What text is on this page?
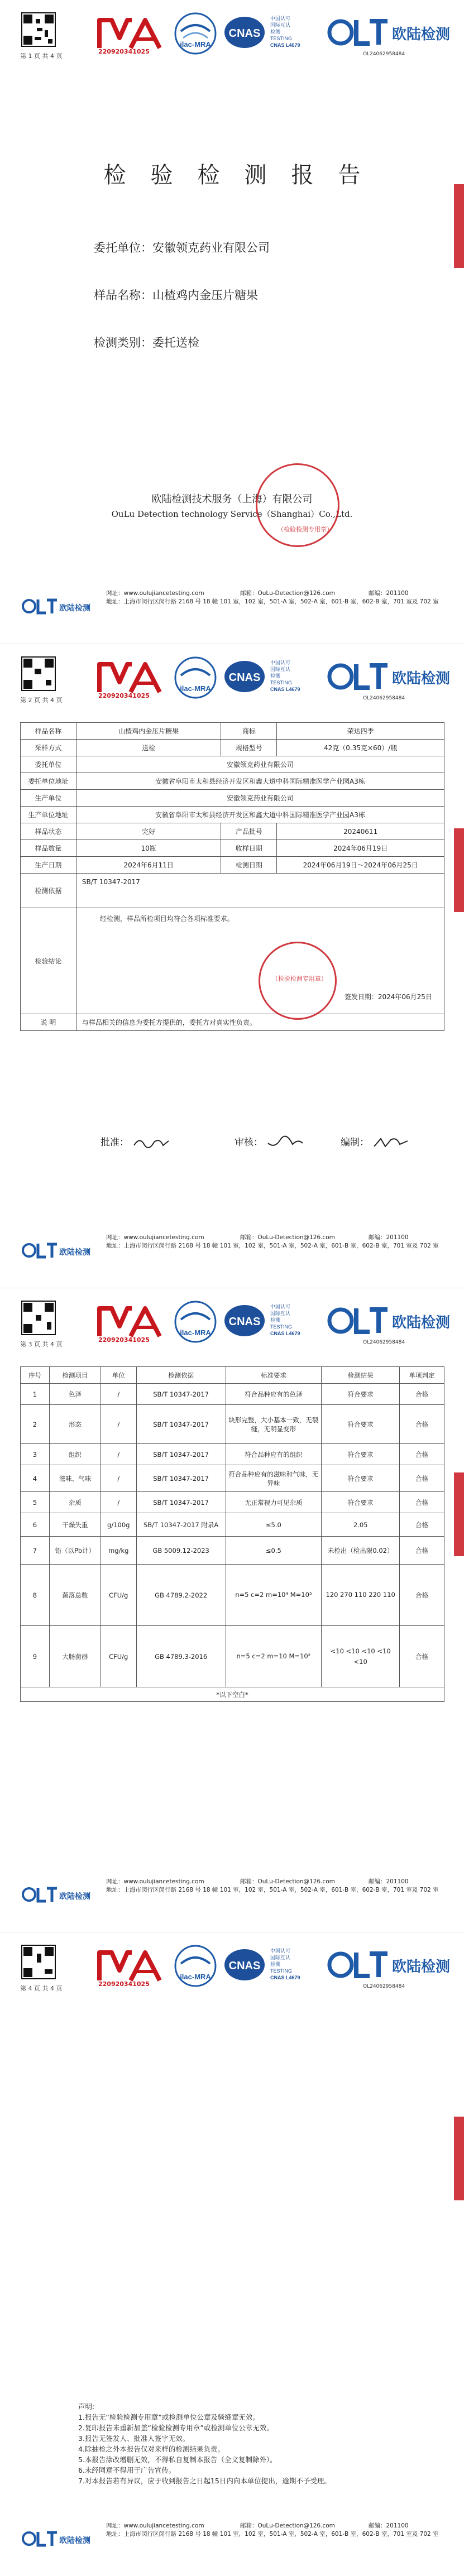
第 1 页 共 4 页
220920341025
ilac-MRA
CNAS
中国认可
国际互认
检测
TESTING
CNAS L4679
欧陆检测
OL24062958484
检验检测报告
委托单位：安徽领克药业有限公司
样品名称：山楂鸡内金压片糖果
检测类别：委托送检
欧陆检测技术服务（上海）有限公司
OuLu Detection technology Service（Shanghai）Co.,Ltd.
（检验检测专用章）
欧陆检测
网址：www.oulujiancetesting.com	邮箱：OuLu-Detection@126.com	邮编：201100
地址：上海市闵行区闵行路 2168 号 18 幢 101 室，102 室，501-A 室，502-A 室，601-B 室，602-B 室，701 室及 702 室
第 2 页 共 4 页
220920341025
ilac-MRA
CNAS
中国认可
国际互认
检测
TESTING
CNAS L4679
欧陆检测
OL24062958484
样品名称	山楂鸡内金压片糖果	商标	荣达四季
采样方式	送检	规格型号	42克（0.35克×60）/瓶
委托单位	安徽领克药业有限公司		
委托单位地址	安徽省阜阳市太和县经济开发区和鑫大道中科国际精准医学产业园A3栋		
生产单位	安徽领克药业有限公司		
生产单位地址	安徽省阜阳市太和县经济开发区和鑫大道中科国际精准医学产业园A3栋		
样品状态	完好	产品批号	20240611
样品数量	10瓶	收样日期	2024年06月19日
生产日期	2024年6月11日	检测日期	2024年06月19日～2024年06月25日
检测依据	SB/T 10347-2017		
检验结论	经检测，样品所检项目均符合各项标准要求。
（检验检测专用章）
签发日期：2024年06月25日		

说 明	与样品相关的信息为委托方提供的，委托方对真实性负责。		
批准：	审核：	编制：
欧陆检测
网址：www.oulujiancetesting.com	邮箱：OuLu-Detection@126.com	邮编：201100
地址：上海市闵行区闵行路 2168 号 18 幢 101 室，102 室，501-A 室，502-A 室，601-B 室，602-B 室，701 室及 702 室
第 3 页 共 4 页
220920341025
ilac-MRA
CNAS
中国认可
国际互认
检测
TESTING
CNAS L4679
欧陆检测
OL24062958484
序号	检测项目	单位	检测依据	标准要求	检测结果	单项判定
1	色泽	/	SB/T 10347-2017	符合品种应有的色泽	符合要求	合格
2	形态	/	SB/T 10347-2017	块形完整，大小基本一致，无裂缝，无明显变形	符合要求	合格
3	组织	/	SB/T 10347-2017	符合品种应有的组织	符合要求	合格
4	滋味、气味	/	SB/T 10347-2017	符合品种应有的滋味和气味，无异味	符合要求	合格
5	杂质	/	SB/T 10347-2017	无正常视力可见杂质	符合要求	合格
6	干燥失重	g/100g	SB/T 10347-2017 附录A	≤5.0	2.05	合格
7	铅（以Pb计）	mg/kg	GB 5009.12-2023	≤0.5	未检出（检出限0.02）	合格
8	菌落总数	CFU/g	GB 4789.2-2022	n=5 c=2 m=10⁴ M=10⁵	120 270 110 220 110	合格
9	大肠菌群	CFU/g	GB 4789.3-2016	n=5 c=2 m=10 M=10²	<10 <10 <10 <10 <10	合格
*以下空白*						
欧陆检测
网址：www.oulujiancetesting.com	邮箱：OuLu-Detection@126.com	邮编：201100
地址：上海市闵行区闵行路 2168 号 18 幢 101 室，102 室，501-A 室，502-A 室，601-B 室，602-B 室，701 室及 702 室
第 4 页 共 4 页
220920341025
ilac-MRA
CNAS
中国认可
国际互认
检测
TESTING
CNAS L4679
欧陆检测
OL24062958484
声明:
1.报告无“检验检测专用章”或检测单位公章及骑缝章无效。
2.复印报告未重新加盖“检验检测专用章”或检测单位公章无效。
3.报告无签发人、批准人签字无效。
4.除抽检之外本报告仅对来样的检测结果负责。
5.本报告涂改增删无效，不得私自复制本报告（全文复制除外）。
6.未经同意不得用于广告宣传。
7.对本报告若有异议，应于收到报告之日起15日内向本单位提出，逾期不予受理。
欧陆检测
网址：www.oulujiancetesting.com	邮箱：OuLu-Detection@126.com	邮编：201100
地址：上海市闵行区闵行路 2168 号 18 幢 101 室，102 室，501-A 室，502-A 室，601-B 室，602-B 室，701 室及 702 室
